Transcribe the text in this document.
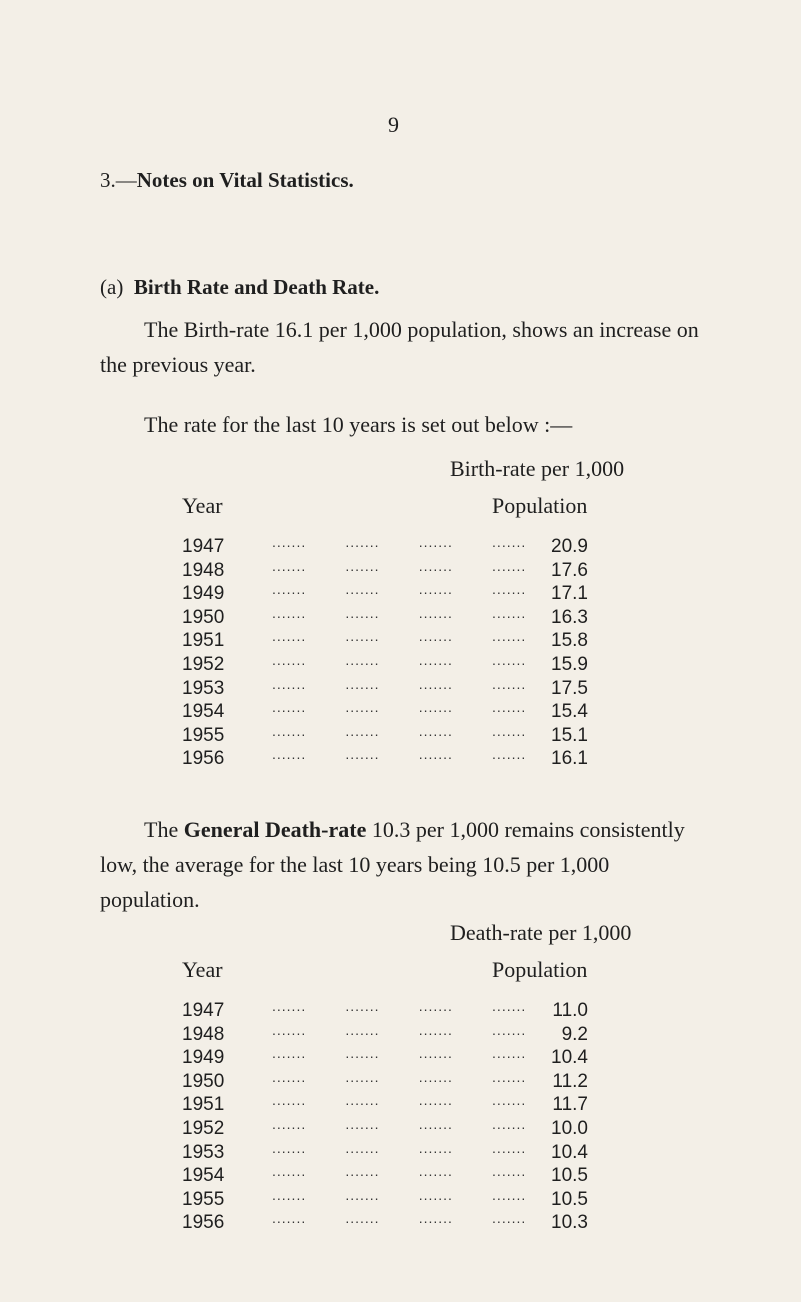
9
3.—Notes on Vital Statistics.
(a) Birth Rate and Death Rate.
The Birth-rate 16.1 per 1,000 population, shows an increase on
the previous year.
The rate for the last 10 years is set out below :—
Birth-rate per 1,000
Year	Population
1947	.......        .......        .......        ....... 20.9
1948	.......        .......        .......        ....... 17.6
1949	.......        .......        .......        ....... 17.1
1950	.......        .......        .......        ....... 16.3
1951	.......        .......        .......        ....... 15.8
1952	.......        .......        .......        ....... 15.9
1953	.......        .......        .......        ....... 17.5
1954	.......        .......        .......        ....... 15.4
1955	.......        .......        .......        ....... 15.1
1956	.......        .......        .......        ....... 16.1
The General Death-rate 10.3 per 1,000 remains consistently
low, the average for the last 10 years being 10.5 per 1,000 population.
Death-rate per 1,000
Year	Population
1947	.......        .......        .......        ....... 11.0
1948	.......        .......        .......        ....... 9.2
1949	.......        .......        .......        ....... 10.4
1950	.......        .......        .......        ....... 11.2
1951	.......        .......        .......        ....... 11.7
1952	.......        .......        .......        ....... 10.0
1953	.......        .......        .......        ....... 10.4
1954	.......        .......        .......        ....... 10.5
1955	.......        .......        .......        ....... 10.5
1956	.......        .......        .......        ....... 10.3
